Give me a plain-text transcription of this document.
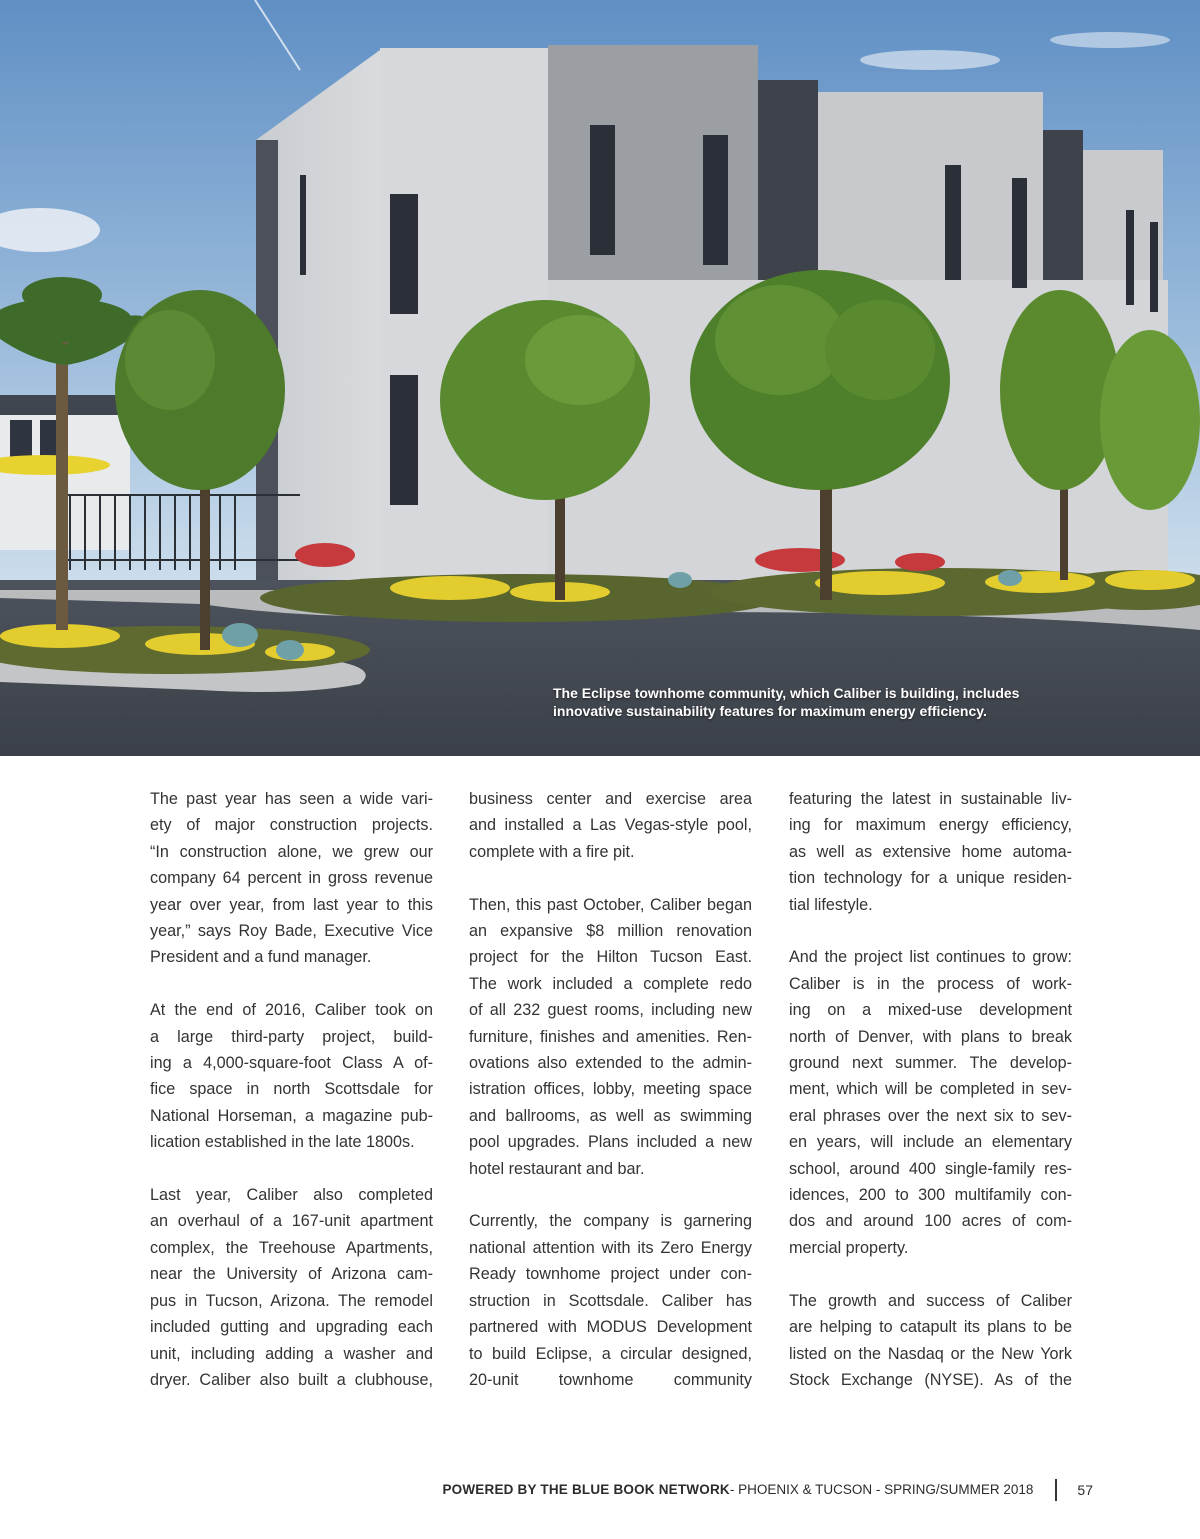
The Eclipse townhome community, which Caliber is building, includes
innovative sustainability features for maximum energy efficiency.

The past year has seen a wide vari-
ety of major construction projects.
“In construction alone, we grew our
company 64 percent in gross revenue
year over year, from last year to this
year,” says Roy Bade, Executive Vice
President and a fund manager.

At the end of 2016, Caliber took on
a large third-party project, build-
ing a 4,000-square-foot Class A of-
fice space in north Scottsdale for
National Horseman, a magazine pub-
lication established in the late 1800s.

Last year, Caliber also completed
an overhaul of a 167-unit apartment
complex, the Treehouse Apartments,
near the University of Arizona cam-
pus in Tucson, Arizona. The remodel
included gutting and upgrading each
unit, including adding a washer and
dryer. Caliber also built a clubhouse,

business center and exercise area
and installed a Las Vegas-style pool,
complete with a fire pit.

Then, this past October, Caliber began
an expansive $8 million renovation
project for the Hilton Tucson East.
The work included a complete redo
of all 232 guest rooms, including new
furniture, finishes and amenities. Ren-
ovations also extended to the admin-
istration offices, lobby, meeting space
and ballrooms, as well as swimming
pool upgrades. Plans included a new
hotel restaurant and bar.

Currently, the company is garnering
national attention with its Zero Energy
Ready townhome project under con-
struction in Scottsdale. Caliber has
partnered with MODUS Development
to build Eclipse, a circular designed,
20-unit townhome community

featuring the latest in sustainable liv-
ing for maximum energy efficiency,
as well as extensive home automa-
tion technology for a unique residen-
tial lifestyle.

And the project list continues to grow:
Caliber is in the process of work-
ing on a mixed-use development
north of Denver, with plans to break
ground next summer. The develop-
ment, which will be completed in sev-
eral phrases over the next six to sev-
en years, will include an elementary
school, around 400 single-family res-
idences, 200 to 300 multifamily con-
dos and around 100 acres of com-
mercial property.

The growth and success of Caliber
are helping to catapult its plans to be
listed on the Nasdaq or the New York
Stock Exchange (NYSE). As of the

POWERED BY THE BLUE BOOK NETWORK - PHOENIX & TUCSON - SPRING/SUMMER 2018	57
